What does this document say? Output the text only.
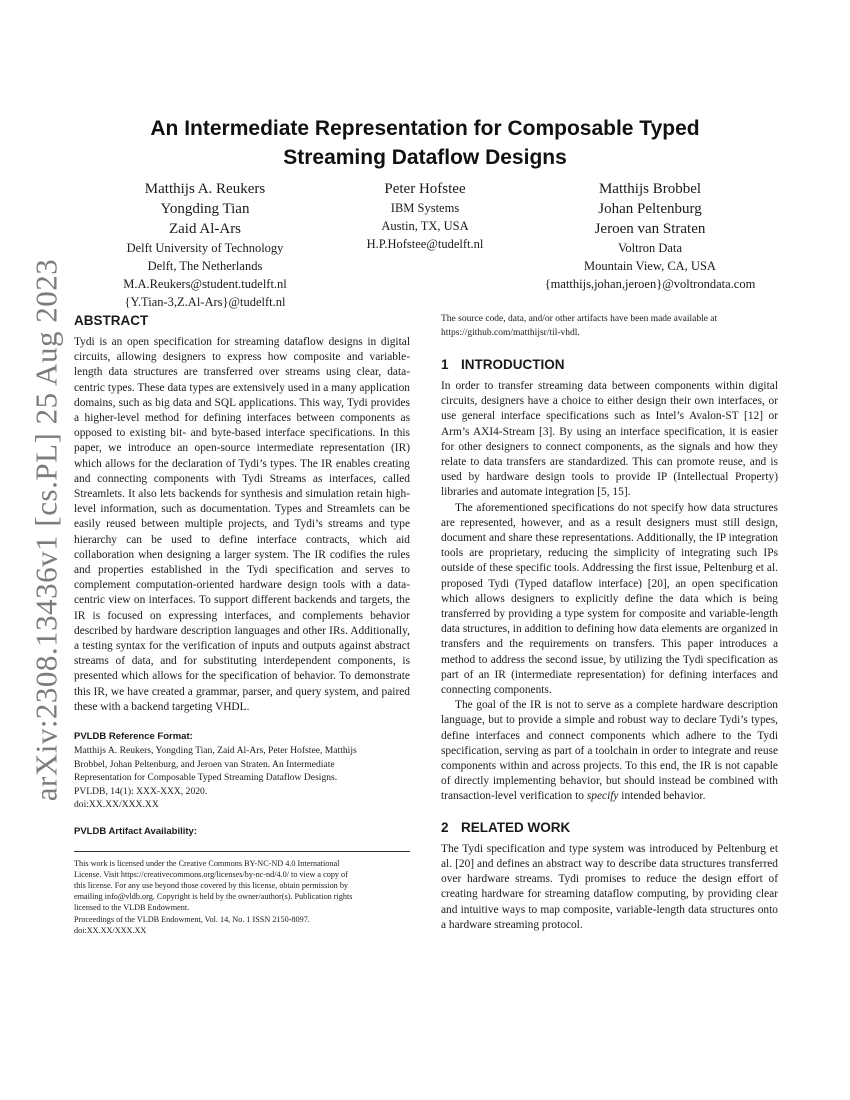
arXiv:2308.13436v1 [cs.PL] 25 Aug 2023
An Intermediate Representation for Composable Typed
Streaming Dataflow Designs
Matthijs A. Reukers
Yongding Tian
Zaid Al-Ars
Delft University of Technology
Delft, The Netherlands
M.A.Reukers@student.tudelft.nl
{Y.Tian-3,Z.Al-Ars}@tudelft.nl
Peter Hofstee
IBM Systems
Austin, TX, USA
H.P.Hofstee@tudelft.nl
Matthijs Brobbel
Johan Peltenburg
Jeroen van Straten
Voltron Data
Mountain View, CA, USA
{matthijs,johan,jeroen}@voltrondata.com
ABSTRACT

Tydi is an open specification for streaming dataflow designs in digital circuits, allowing designers to express how composite and variable-length data structures are transferred over streams using clear, data-centric types. These data types are extensively used in a many application domains, such as big data and SQL applications. This way, Tydi provides a higher-level method for defining interfaces between components as opposed to existing bit- and byte-based interface specifications. In this paper, we introduce an open-source intermediate representation (IR) which allows for the declaration of Tydi’s types. The IR enables creating and connecting components with Tydi Streams as interfaces, called Streamlets. It also lets backends for synthesis and simulation retain high-level information, such as documentation. Types and Streamlets can be easily reused between multiple projects, and Tydi’s streams and type hierarchy can be used to define interface contracts, which aid collaboration when designing a larger system. The IR codifies the rules and properties established in the Tydi specification and serves to complement computation-oriented hardware design tools with a data-centric view on interfaces. To support different backends and targets, the IR is focused on expressing interfaces, and complements behavior described by hardware description languages and other IRs. Additionally, a testing syntax for the verification of inputs and outputs against abstract streams of data, and for substituting interdependent components, is presented which allows for the specification of behavior. To demonstrate this IR, we have created a grammar, parser, and query system, and paired these with a backend targeting VHDL.

PVLDB Reference Format:
Matthijs A. Reukers, Yongding Tian, Zaid Al-Ars, Peter Hofstee, Matthijs
Brobbel, Johan Peltenburg, and Jeroen van Straten. An Intermediate
Representation for Composable Typed Streaming Dataflow Designs.
PVLDB, 14(1): XXX-XXX, 2020.
doi:XX.XX/XXX.XX
PVLDB Artifact Availability:
This work is licensed under the Creative Commons BY-NC-ND 4.0 International
License. Visit https://creativecommons.org/licenses/by-nc-nd/4.0/ to view a copy of
this license. For any use beyond those covered by this license, obtain permission by
emailing info@vldb.org. Copyright is held by the owner/author(s). Publication rights
licensed to the VLDB Endowment.
Proceedings of the VLDB Endowment, Vol. 14, No. 1 ISSN 2150-8097.
doi:XX.XX/XXX.XX
The source code, data, and/or other artifacts have been made available at
https://github.com/matthijsr/til-vhdl.
1 INTRODUCTION

In order to transfer streaming data between components within digital circuits, designers have a choice to either design their own interfaces, or use general interface specifications such as Intel’s Avalon-ST [12] or Arm’s AXI4-Stream [3]. By using an interface specification, it is easier for other designers to connect components, as the signals and how they relate to data transfers are standardized. This can promote reuse, and is used by hardware design tools to provide IP (Intellectual Property) libraries and automate integration [5, 15].

The aforementioned specifications do not specify how data structures are represented, however, and as a result designers must still design, document and share these representations. Additionally, the IP integration tools are proprietary, reducing the simplicity of integrating such IPs outside of these specific tools. Addressing the first issue, Peltenburg et al. proposed Tydi (Typed dataflow interface) [20], an open specification which allows designers to explicitly define the data which is being transferred by providing a type system for composite and variable-length data structures, in addition to defining how data elements are organized in transfers and the requirements on transfers. This paper introduces a method to address the second issue, by utilizing the Tydi specification as part of an IR (intermediate representation) for defining interfaces and connecting components.

The goal of the IR is not to serve as a complete hardware description language, but to provide a simple and robust way to declare Tydi’s types, define interfaces and connect components which adhere to the Tydi specification, serving as part of a toolchain in order to integrate and reuse components within and across projects. To this end, the IR is not capable of directly implementing behavior, but should instead be combined with transaction-level verification to specify intended behavior.

2 RELATED WORK

The Tydi specification and type system was introduced by Peltenburg et al. [20] and defines an abstract way to describe data structures transferred over hardware streams. Tydi promises to reduce the design effort of creating hardware for streaming dataflow computing, by providing clear and intuitive ways to map composite, variable-length data structures onto a hardware streaming protocol.
